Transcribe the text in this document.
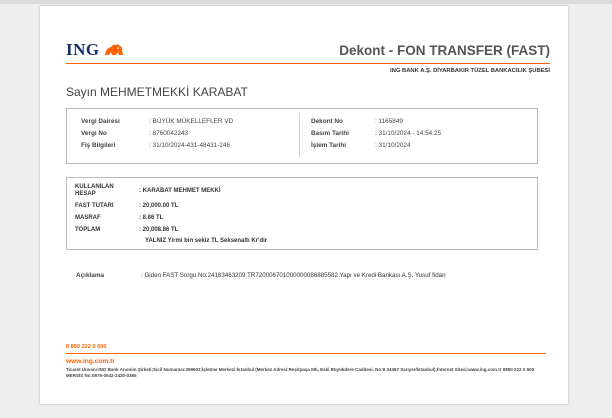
ING	Dekont - FON TRANSFER (FAST)
ING BANK A.Ş. DİYARBAKIR TÜZEL BANKACILIK ŞUBESİ
Sayın MEHMETMEKKİ KARABAT
Vergi Dairesi	: BÜYÜK MÜKELLEFLER VD
Vergi No	: 8760042243
Fiş Bilgileri	: 31/10/2024-431-48431-246
Dekont No	: 1165849
Basım Tarihi	: 31/10/2024 - 14:54:25
İşlem Tarihi	: 31/10/2024
KULLANILAN HESAP	: KARABAT MEHMET MEKKİ
FAST TUTARI	: 20,000.00 TL
MASRAF	: 8.86 TL
TOPLAM	: 20,008.86 TL
YALNIZ Yirmi bin sekiz TL Seksenaltı Kr'dir
Açıklama	: Giden FAST Sorgu No:24183463209 TR720006701000000086885582 Yapı ve Kredi Bankası A.Ş. Yusuf fidan
0 850 222 0 600
www.ing.com.tr
Ticaret Ünvanı:ING Bank Anonim Şirketi;Sicil Numarası:269602;İşletme Merkezi:İstanbul (Merkez Adresi:Reşitpaşa Mh, Eski Büyükdere Caddesi, No:8 34467 Sarıyer/İstanbul);İnternet Sitesi:www.ing.com.tr 0850 222 0 600 MERSİS No:0876-0042-2430-0365
